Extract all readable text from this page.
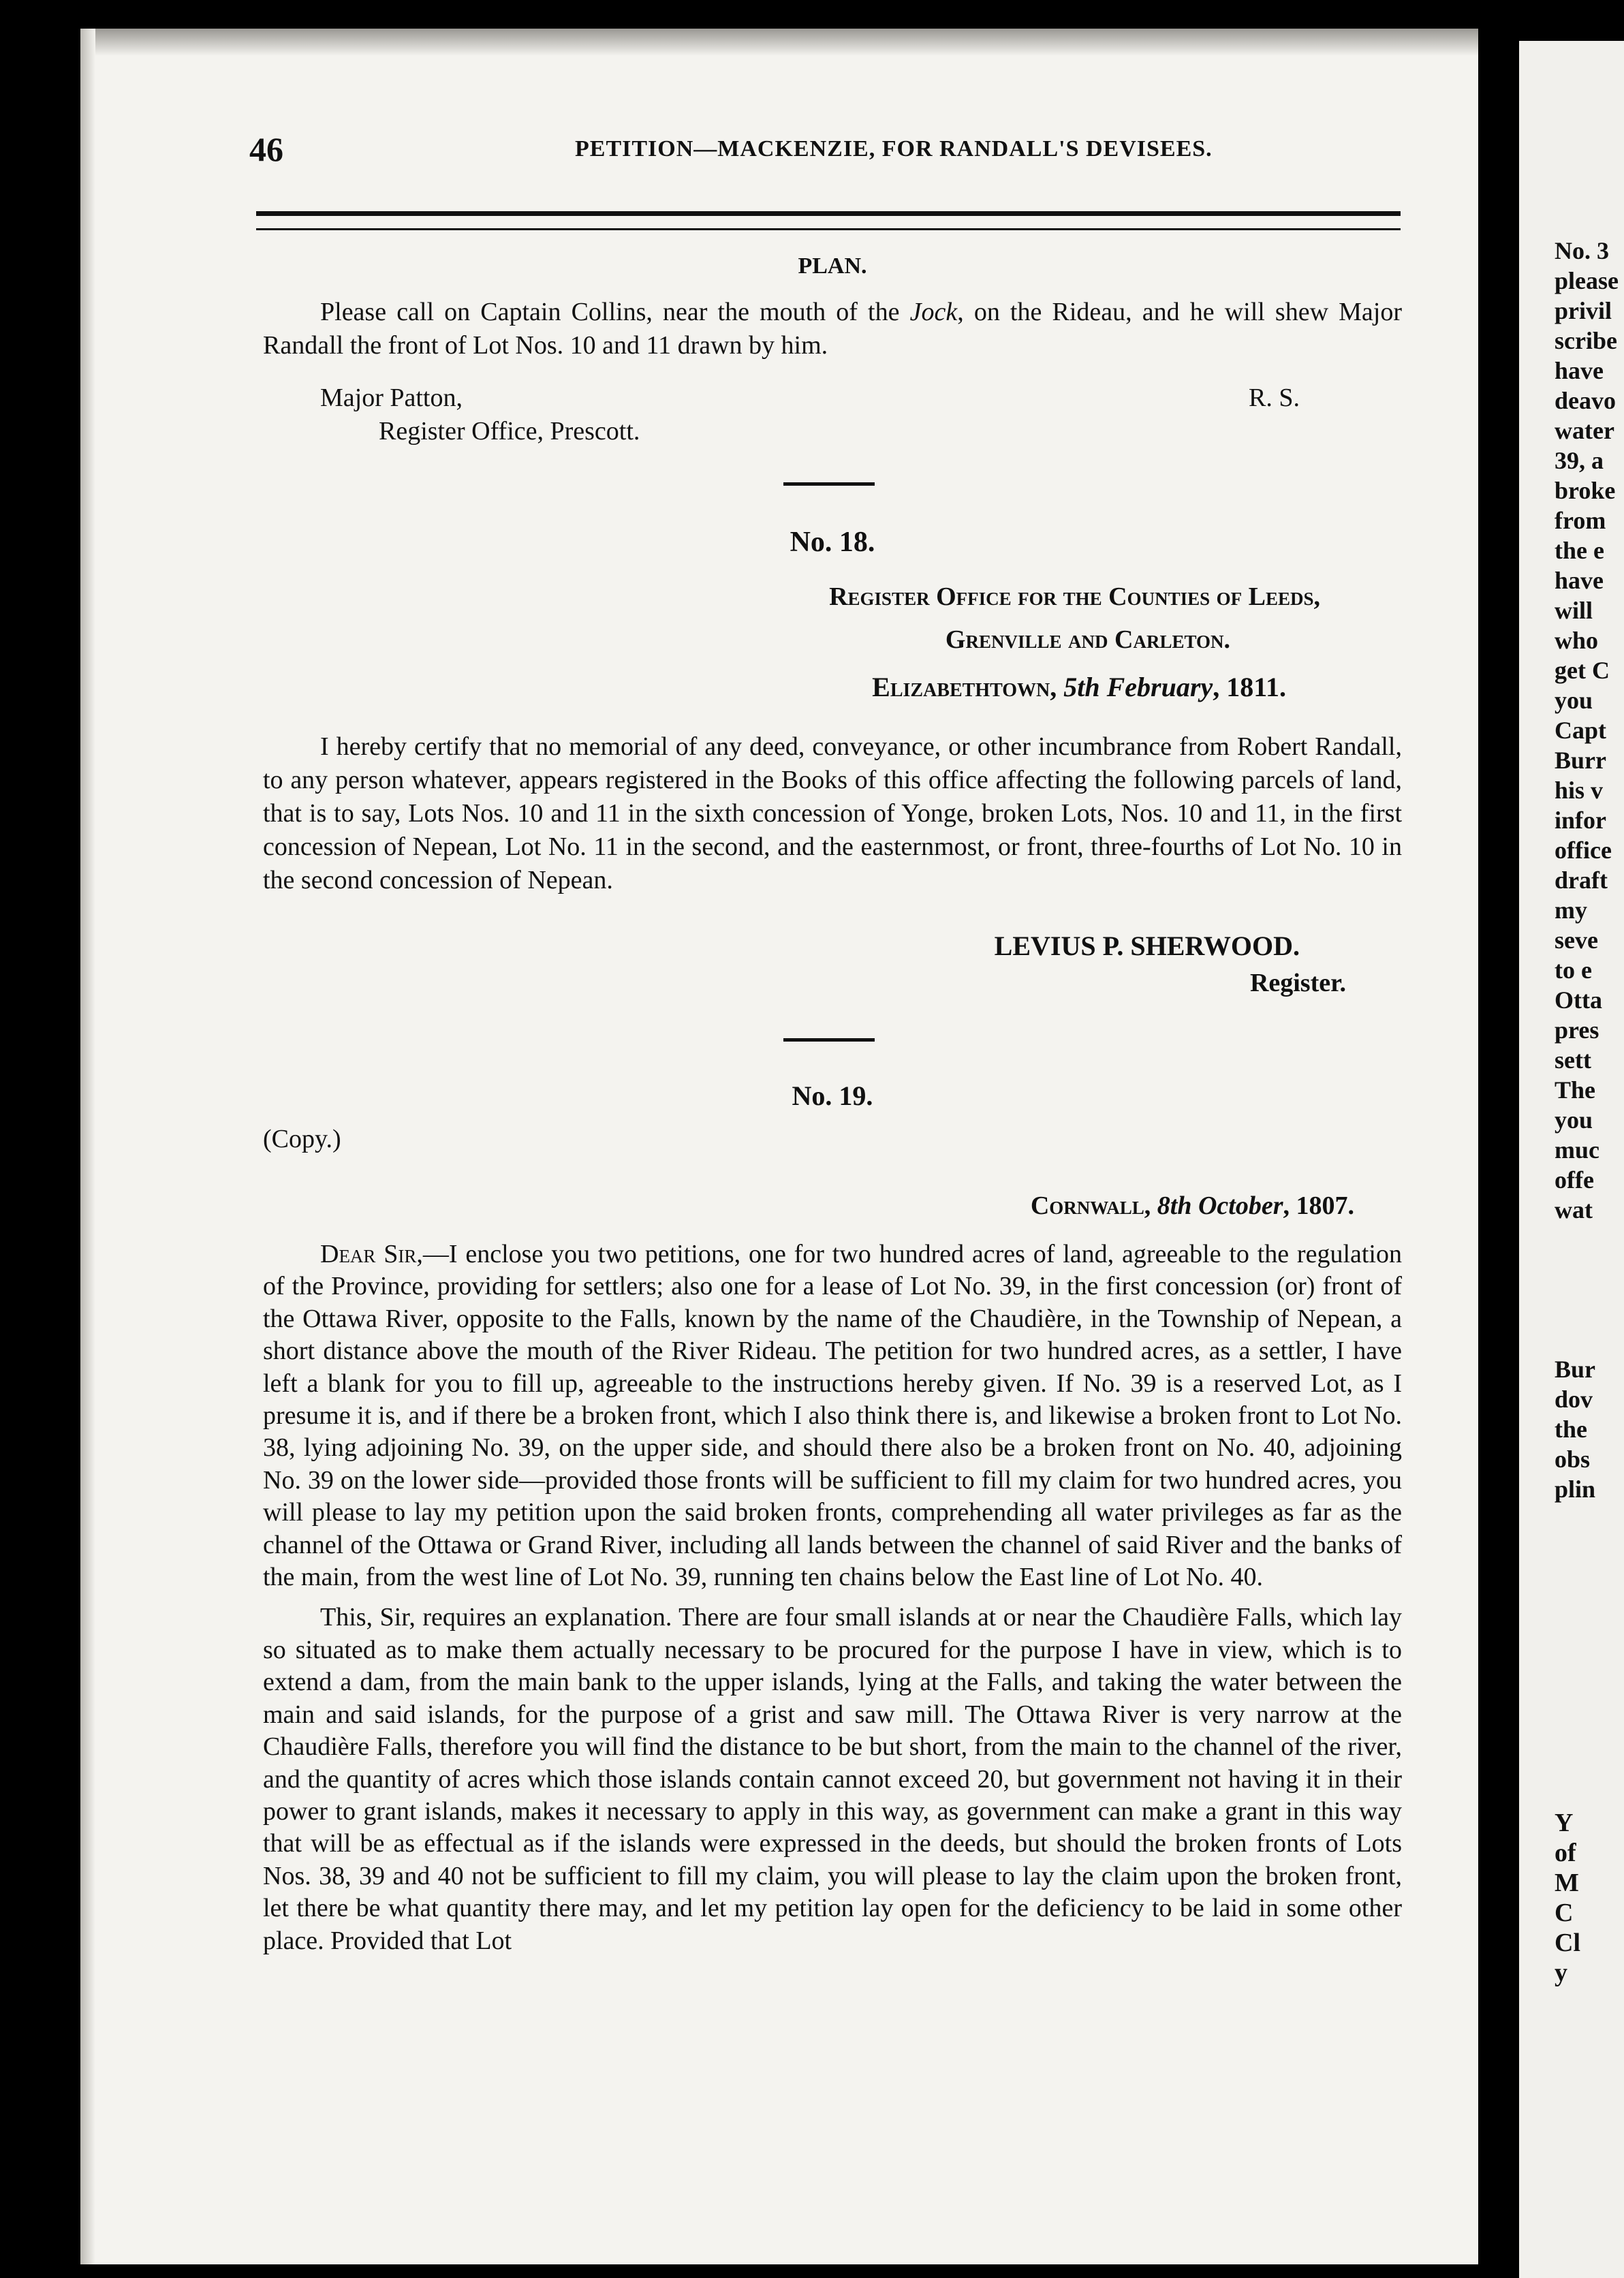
46	PETITION—MACKENZIE, FOR RANDALL'S DEVISEES.
PLAN.

Please call on Captain Collins, near the mouth of the Jock, on the Rideau, and he will shew Major Randall the front of Lot Nos. 10 and 11 drawn by him.

Major Patton,	R. S.
Register Office, Prescott.
No. 18.
Register Office for the Counties of Leeds,
Grenville and Carleton.
Elizabethtown, 5th February, 1811.

I hereby certify that no memorial of any deed, conveyance, or other incumbrance from Robert Randall, to any person whatever, appears registered in the Books of this office affecting the following parcels of land, that is to say, Lots Nos. 10 and 11 in the sixth concession of Yonge, broken Lots, Nos. 10 and 11, in the first concession of Nepean, Lot No. 11 in the second, and the easternmost, or front, three-fourths of Lot No. 10 in the second concession of Nepean.

LEVIUS P. SHERWOOD.
Register.
No. 19.
(Copy.)
Cornwall, 8th October, 1807.

Dear Sir,—I enclose you two petitions, one for two hundred acres of land, agreeable to the regulation of the Province, providing for settlers; also one for a lease of Lot No. 39, in the first concession (or) front of the Ottawa River, opposite to the Falls, known by the name of the Chaudière, in the Township of Nepean, a short distance above the mouth of the River Rideau. The petition for two hundred acres, as a settler, I have left a blank for you to fill up, agreeable to the instructions hereby given. If No. 39 is a reserved Lot, as I presume it is, and if there be a broken front, which I also think there is, and likewise a broken front to Lot No. 38, lying adjoining No. 39, on the upper side, and should there also be a broken front on No. 40, adjoining No. 39 on the lower side—provided those fronts will be sufficient to fill my claim for two hundred acres, you will please to lay my petition upon the said broken fronts, comprehending all water privileges as far as the channel of the Ottawa or Grand River, including all lands between the channel of said River and the banks of the main, from the west line of Lot No. 39, running ten chains below the East line of Lot No. 40.

This, Sir, requires an explanation. There are four small islands at or near the Chaudière Falls, which lay so situated as to make them actually necessary to be procured for the purpose I have in view, which is to extend a dam, from the main bank to the upper islands, lying at the Falls, and taking the water between the main and said islands, for the purpose of a grist and saw mill. The Ottawa River is very narrow at the Chaudière Falls, therefore you will find the distance to be but short, from the main to the channel of the river, and the quantity of acres which those islands contain cannot exceed 20, but government not having it in their power to grant islands, makes it necessary to apply in this way, as government can make a grant in this way that will be as effectual as if the islands were expressed in the deeds, but should the broken fronts of Lots Nos. 38, 39 and 40 not be sufficient to fill my claim, you will please to lay the claim upon the broken front, let there be what quantity there may, and let my petition lay open for the deficiency to be laid in some other place. Provided that Lot

No. 3
please
privil
scribe
have
deavo
water
39, a
broke
from
the e
have
will
who
get C
you
Capt
Burr
his v
infor
office
draft
my
seve
to e
Otta
pres
sett
The
you
muc
offe
wat
Bur
dov
the
obs
plin
Y
of
M
C
Cl
y
